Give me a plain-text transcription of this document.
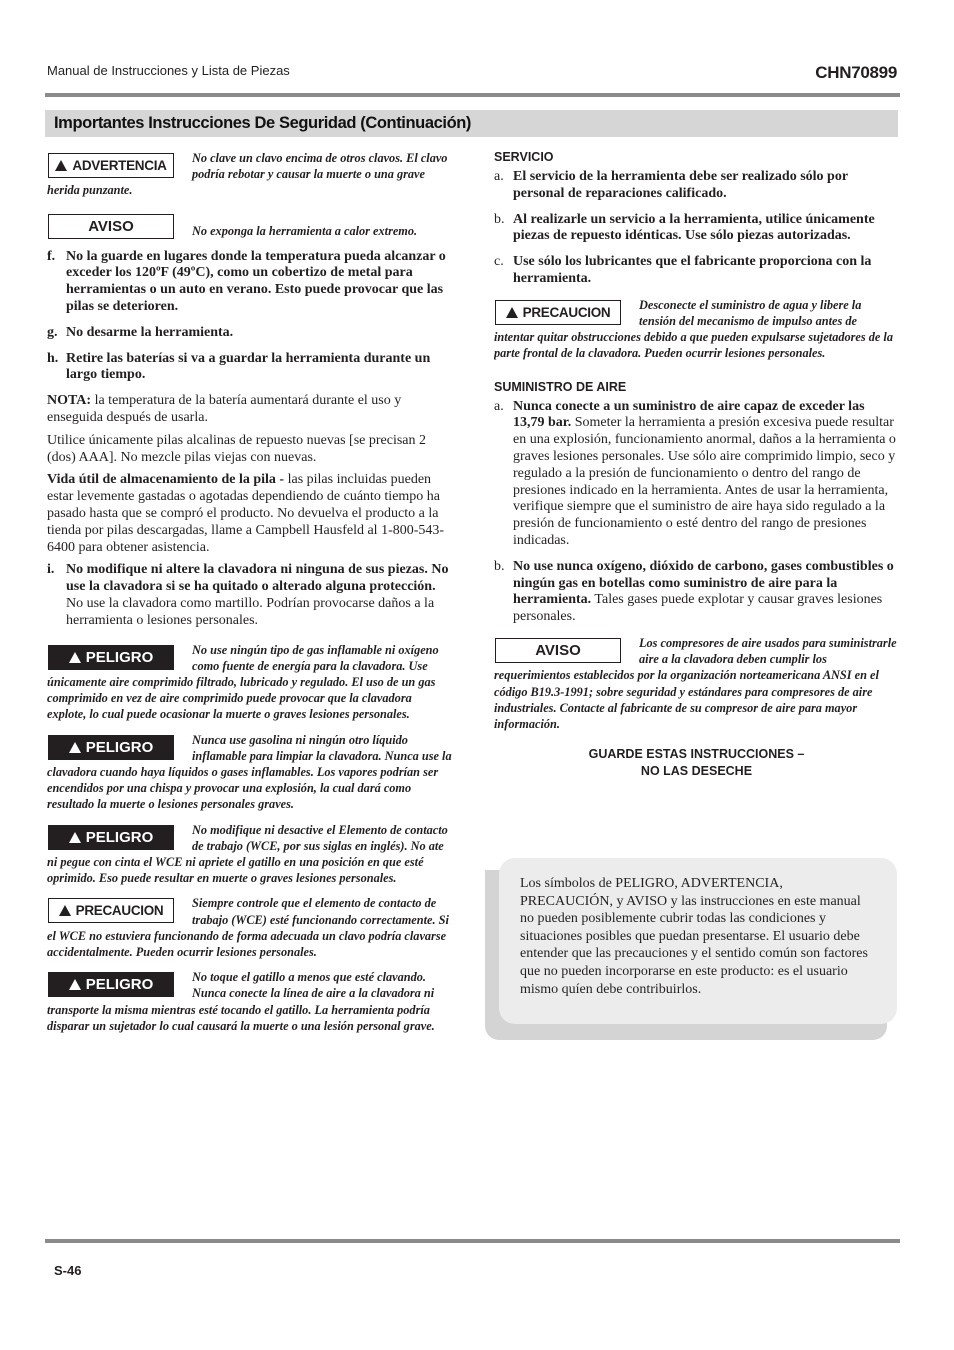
Manual de Instrucciones y Lista de Piezas	CHN70899
Importantes Instrucciones De Seguridad (Continuación)
ADVERTENCIA	No clave un clavo encima de otros clavos. El clavo podría rebotar y causar la muerte o una grave herida punzante.
AVISO	No exponga la herramienta a calor extremo.
f. No la guarde en lugares donde la temperatura pueda alcanzar o exceder los 120ºF (49ºC), como un cobertizo de metal para herramientas o un auto en verano. Esto puede provocar que las pilas se deterioren.
g. No desarme la herramienta.
h. Retire las baterías si va a guardar la herramienta durante un largo tiempo.
NOTA: la temperatura de la batería aumentará durante el uso y enseguida después de usarla.
Utilice únicamente pilas alcalinas de repuesto nuevas [se precisan 2 (dos) AAA]. No mezcle pilas viejas con nuevas.
Vida útil de almacenamiento de la pila - las pilas incluidas pueden estar levemente gastadas o agotadas dependiendo de cuánto tiempo ha pasado hasta que se compró el producto. No devuelva el producto a la tienda por pilas descargadas, llame a Campbell Hausfeld al 1-800-543-6400 para obtener asistencia.
i. No modifique ni altere la clavadora ni ninguna de sus piezas. No use la clavadora si se ha quitado o alterado alguna protección. No use la clavadora como martillo. Podrían provocarse daños a la herramienta o lesiones personales.
PELIGRO	No use ningún tipo de gas inflamable ni oxígeno como fuente de energía para la clavadora. Use únicamente aire comprimido filtrado, lubricado y regulado. El uso de un gas comprimido en vez de aire comprimido puede provocar que la clavadora explote, lo cual puede ocasionar la muerte o graves lesiones personales.
PELIGRO	Nunca use gasolina ni ningún otro líquido inflamable para limpiar la clavadora. Nunca use la clavadora cuando haya líquidos o gases inflamables. Los vapores podrían ser encendidos por una chispa y provocar una explosión, la cual dará como resultado la muerte o lesiones personales graves.
PELIGRO	No modifique ni desactive el Elemento de contacto de trabajo (WCE, por sus siglas en inglés). No ate ni pegue con cinta el WCE ni apriete el gatillo en una posición en que esté oprimido. Eso puede resultar en muerte o graves lesiones personales.
PRECAUCION	Siempre controle que el elemento de contacto de trabajo (WCE) esté funcionando correctamente. Si el WCE no estuviera funcionando de forma adecuada un clavo podría clavarse accidentalmente. Pueden ocurrir lesiones personales.
PELIGRO	No toque el gatillo a menos que esté clavando. Nunca conecte la línea de aire a la clavadora ni transporte la misma mientras esté tocando el gatillo. La herramienta podría disparar un sujetador lo cual causará la muerte o una lesión personal grave.
SERVICIO
a. El servicio de la herramienta debe ser realizado sólo por personal de reparaciones calificado.
b. Al realizarle un servicio a la herramienta, utilice únicamente piezas de repuesto idénticas. Use sólo piezas autorizadas.
c. Use sólo los lubricantes que el fabricante proporciona con la herramienta.
PRECAUCION	Desconecte el suministro de agua y libere la tensión del mecanismo de impulso antes de intentar quitar obstrucciones debido a que pueden expulsarse sujetadores de la parte frontal de la clavadora. Pueden ocurrir lesiones personales.
SUMINISTRO DE AIRE
a. Nunca conecte a un suministro de aire capaz de exceder las 13,79 bar. Someter la herramienta a presión excesiva puede resultar en una explosión, funcionamiento anormal, daños a la herramienta o graves lesiones personales. Use sólo aire comprimido limpio, seco y regulado a la presión de funcionamiento o dentro del rango de presiones indicado en la herramienta. Antes de usar la herramienta, verifique siempre que el suministro de aire haya sido regulado a la presión de funcionamiento o esté dentro del rango de presiones indicadas.
b. No use nunca oxígeno, dióxido de carbono, gases combustibles o ningún gas en botellas como suministro de aire para la herramienta. Tales gases puede explotar y causar graves lesiones personales.
AVISO	Los compresores de aire usados para suministrarle aire a la clavadora deben cumplir los requerimientos establecidos por la organización norteamericana ANSI en el código B19.3-1991; sobre seguridad y estándares para compresores de aire industriales. Contacte al fabricante de su compresor de aire para mayor información.
GUARDE ESTAS INSTRUCCIONES –
NO LAS DESECHE
Los símbolos de PELIGRO, ADVERTENCIA, PRECAUCIÓN, y AVISO y las instrucciones en este manual no pueden posiblemente cubrir todas las condiciones y situaciones posibles que puedan presentarse. El usuario debe entender que las precauciones y el sentido común son factores que no pueden incorporarse en este producto: es el usuario mismo quíen debe contribuirlos.
S-46
